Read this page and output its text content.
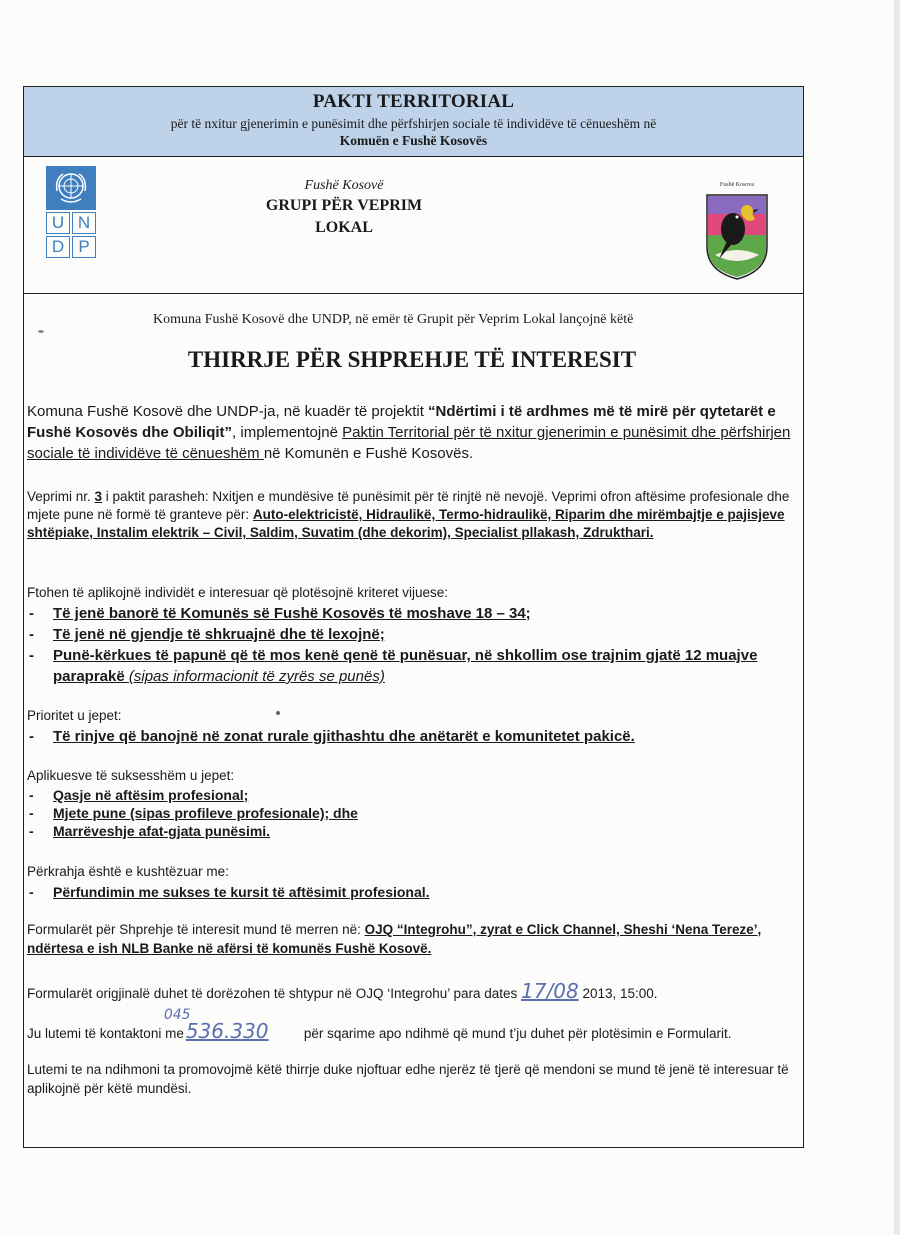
PAKTI TERRITORIAL
për të nxitur gjenerimin e punësimit dhe përfshirjen sociale të individëve të cënueshëm në
Komuën e Fushë Kosovës
U N
D P
Fushë Kosovë
GRUPI PËR VEPRIM
LOKAL
Fushë Kosova
Komuna Fushë Kosovë dhe UNDP, në emër të Grupit për Veprim Lokal lançojnë këtë
THIRRJE PËR SHPREHJE TË INTERESIT
Komuna Fushë Kosovë dhe UNDP-ja, në kuadër të projektit “Ndërtimi i të ardhmes më të mirë për qytetarët e Fushë Kosovës dhe Obiliqit”, implementojnë Paktin Territorial për të nxitur gjenerimin e punësimit dhe përfshirjen sociale të individëve të cënueshëm në Komunën e Fushë Kosovës.
Veprimi nr. 3 i paktit parasheh: Nxitjen e mundësive të punësimit për të rinjtë në nevojë. Veprimi ofron aftësime profesionale dhe mjete pune në formë të granteve për: Auto-elektricistë, Hidraulikë, Termo-hidraulikë, Riparim dhe mirëmbajtje e pajisjeve shtëpiake, Instalim elektrik – Civil, Saldim, Suvatim (dhe dekorim), Specialist pllakash, Zdrukthari.
Ftohen të aplikojnë individët e interesuar që plotësojnë kriteret vijuese:
- Të jenë banorë të Komunës së Fushë Kosovës të moshave 18 – 34;
- Të jenë në gjendje të shkruajnë dhe të lexojnë;
- Punë-kërkues të papunë që të mos kenë qenë të punësuar, në shkollim ose trajnim gjatë 12 muajve paraprakë (sipas informacionit të zyrës se punës)
Prioritet u jepet:
- Të rinjve që banojnë në zonat rurale gjithashtu dhe anëtarët e komunitetet pakicë.
Aplikuesve të suksesshëm u jepet:
- Qasje në aftësim profesional;
- Mjete pune (sipas profileve profesionale); dhe
- Marrëveshje afat-gjata punësimi.
Përkrahja është e kushtëzuar me:
- Përfundimin me sukses te kursit të aftësimit profesional.
Formularët për Shprehje të interesit mund të merren në: OJQ “Integrohu”, zyrat e Click Channel, Sheshi ‘Nena Tereze’, ndërtesa e ish NLB Banke në afërsi të komunës Fushë Kosovë.
Formularët origjinalë duhet të dorëzohen të shtypur në OJQ ‘Integrohu’ para dates 17/08 2013, 15:00.
Ju lutemi të kontaktoni me
045
536.330	për sqarime apo ndihmë që mund t’ju duhet për plotësimin e Formularit.
Lutemi te na ndihmoni ta promovojmë këtë thirrje duke njoftuar edhe njerëz të tjerë që mendoni se mund të jenë të interesuar të aplikojnë për këtë mundësi.
